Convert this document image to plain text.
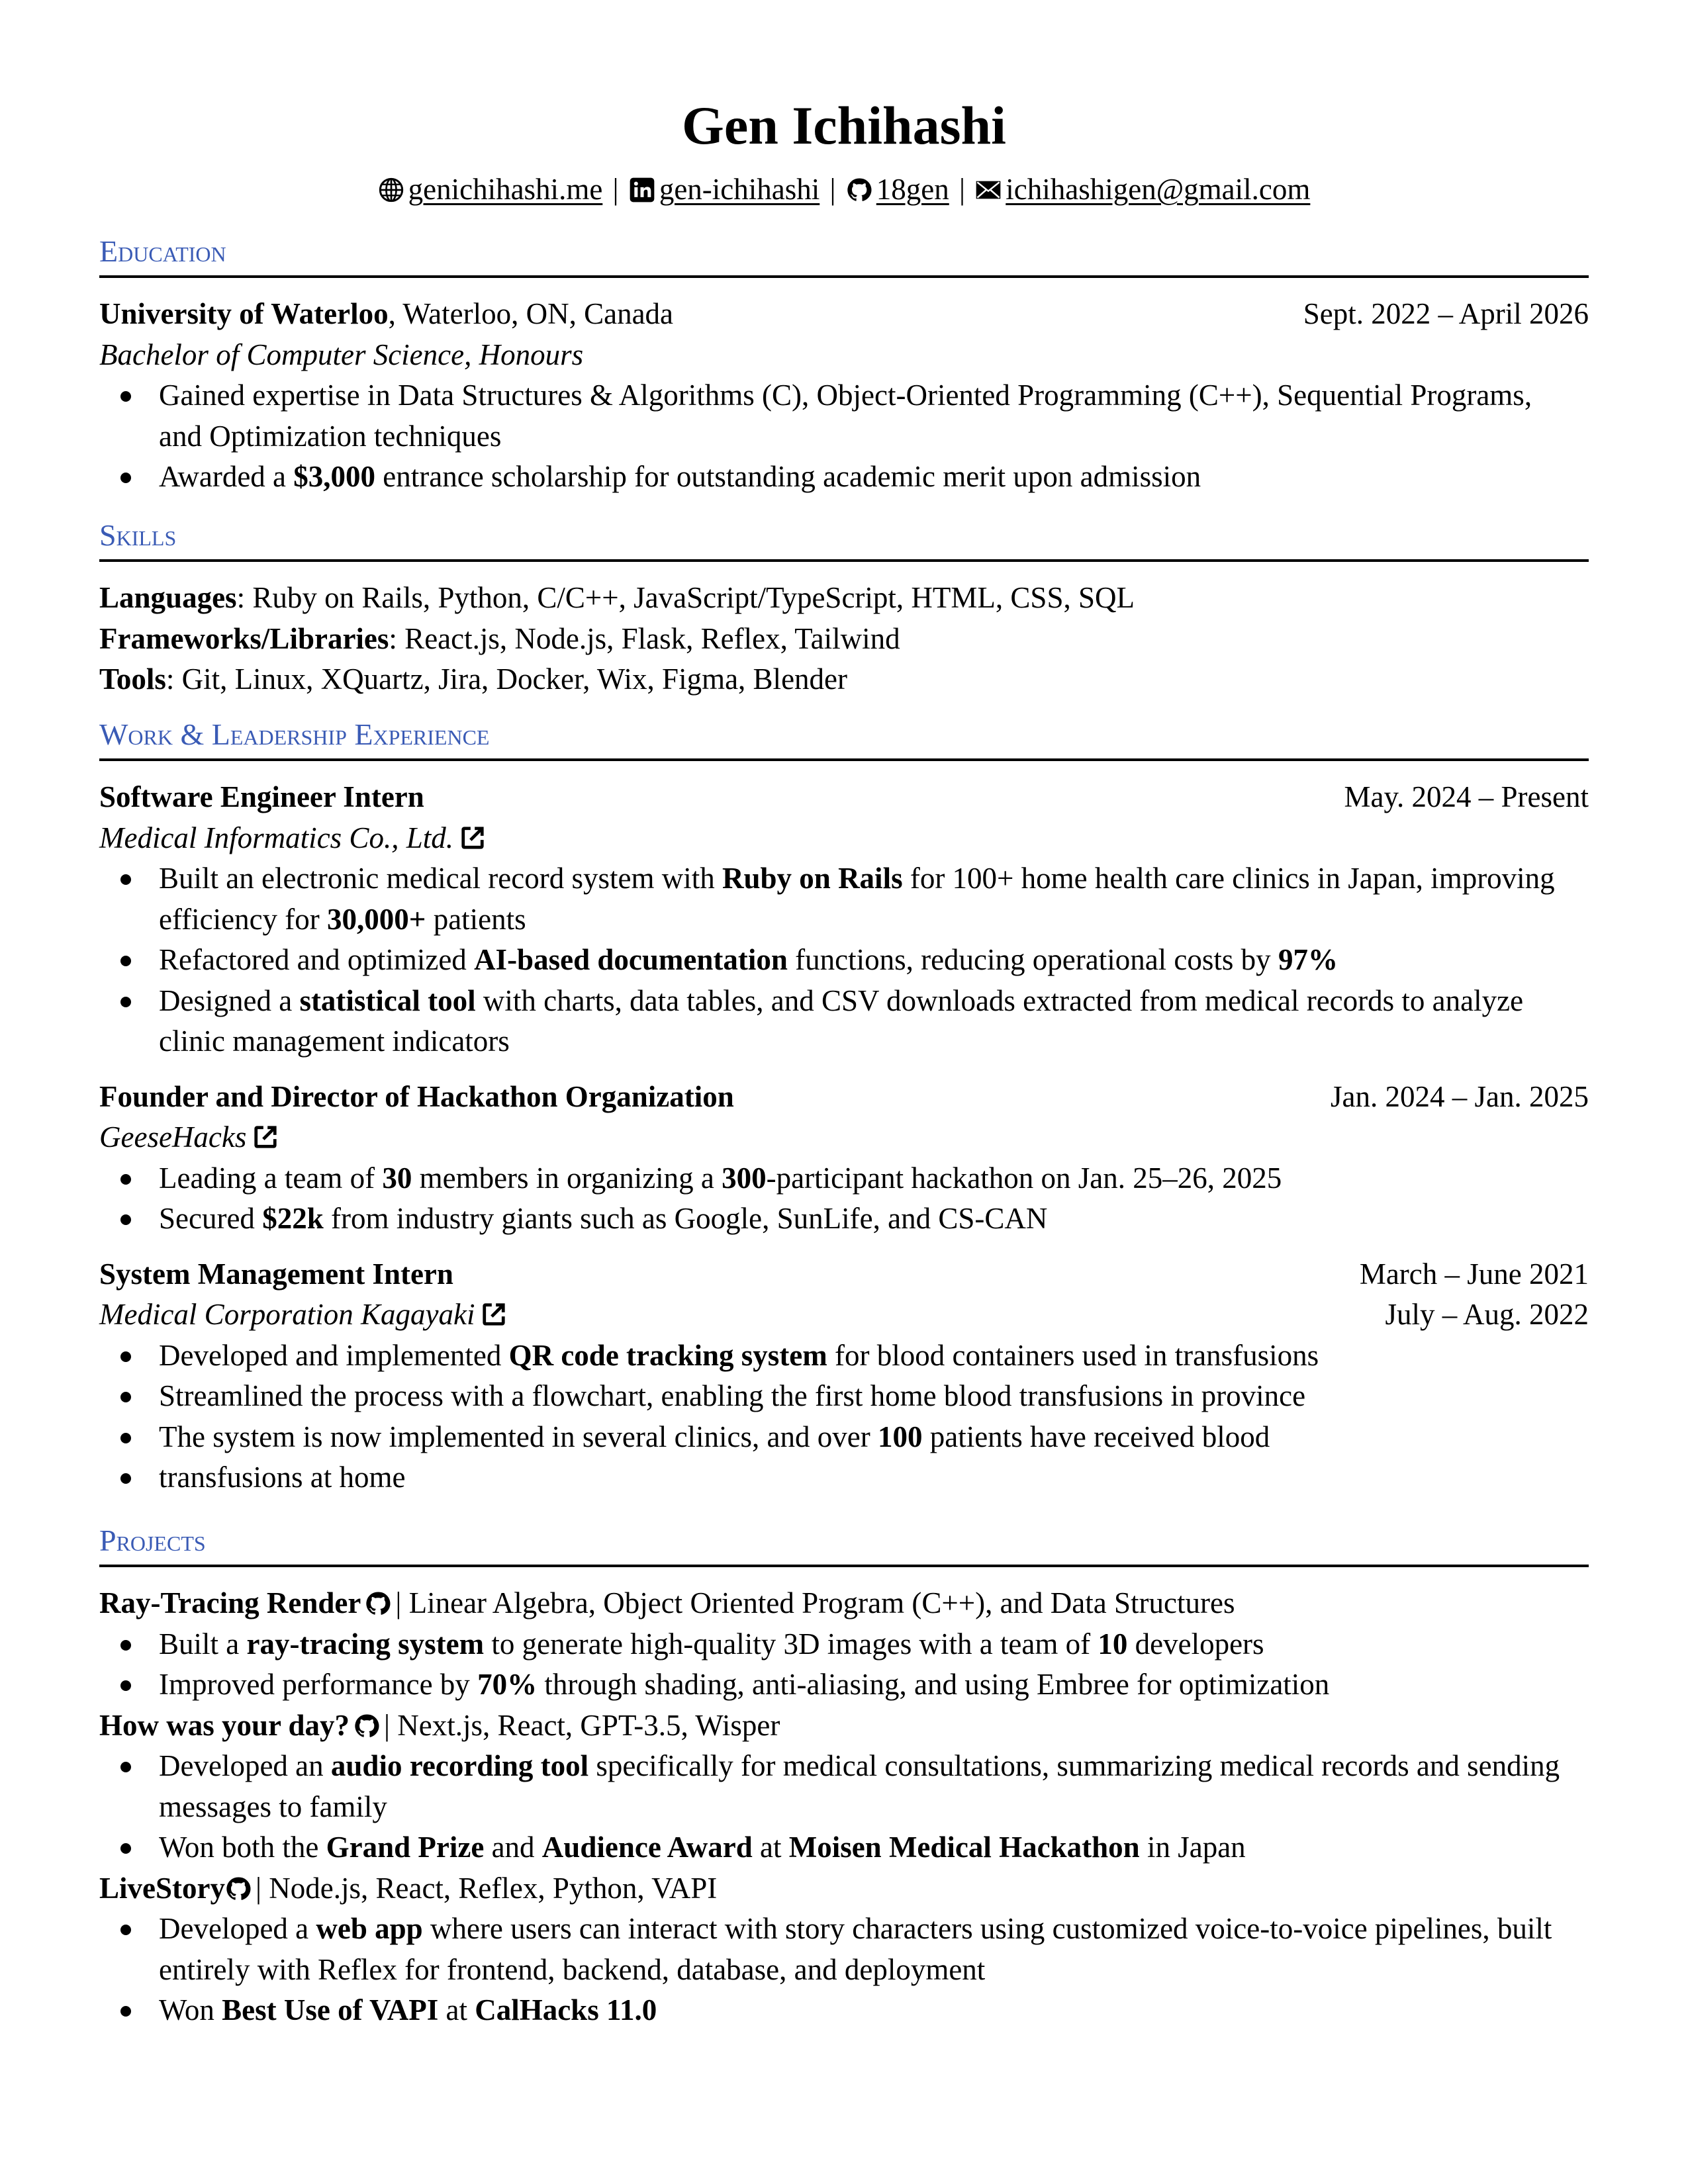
Gen Ichihashi
genichihashi.me | gen-ichihashi | 18gen | ichihashigen@gmail.com
Education
University of Waterloo, Waterloo, ON, Canada	Sept. 2022 – April 2026
Bachelor of Computer Science, Honours
Gained expertise in Data Structures & Algorithms (C), Object-Oriented Programming (C++), Sequential Programs,
and Optimization techniques
Awarded a $3,000 entrance scholarship for outstanding academic merit upon admission
Skills
Languages: Ruby on Rails, Python, C/C++, JavaScript/TypeScript, HTML, CSS, SQL
Frameworks/Libraries: React.js, Node.js, Flask, Reflex, Tailwind
Tools: Git, Linux, XQuartz, Jira, Docker, Wix, Figma, Blender
Work & Leadership Experience
Software Engineer Intern	May. 2024 – Present
Medical Informatics Co., Ltd.
Built an electronic medical record system with Ruby on Rails for 100+ home health care clinics in Japan, improving
efficiency for 30,000+ patients
Refactored and optimized AI-based documentation functions, reducing operational costs by 97%
Designed a statistical tool with charts, data tables, and CSV downloads extracted from medical records to analyze
clinic management indicators
Founder and Director of Hackathon Organization	Jan. 2024 – Jan. 2025
GeeseHacks
Leading a team of 30 members in organizing a 300-participant hackathon on Jan. 25–26, 2025
Secured $22k from industry giants such as Google, SunLife, and CS-CAN
System Management Intern	March – June 2021
Medical Corporation Kagayaki	July – Aug. 2022
Developed and implemented QR code tracking system for blood containers used in transfusions
Streamlined the process with a flowchart, enabling the first home blood transfusions in province
The system is now implemented in several clinics, and over 100 patients have received blood
transfusions at home
Projects
Ray-Tracing Render | Linear Algebra, Object Oriented Program (C++), and Data Structures
Built a ray-tracing system to generate high-quality 3D images with a team of 10 developers
Improved performance by 70% through shading, anti-aliasing, and using Embree for optimization
How was your day? | Next.js, React, GPT-3.5, Wisper
Developed an audio recording tool specifically for medical consultations, summarizing medical records and sending
messages to family
Won both the Grand Prize and Audience Award at Moisen Medical Hackathon in Japan
LiveStory | Node.js, React, Reflex, Python, VAPI
Developed a web app where users can interact with story characters using customized voice-to-voice pipelines, built
entirely with Reflex for frontend, backend, database, and deployment
Won Best Use of VAPI at CalHacks 11.0
